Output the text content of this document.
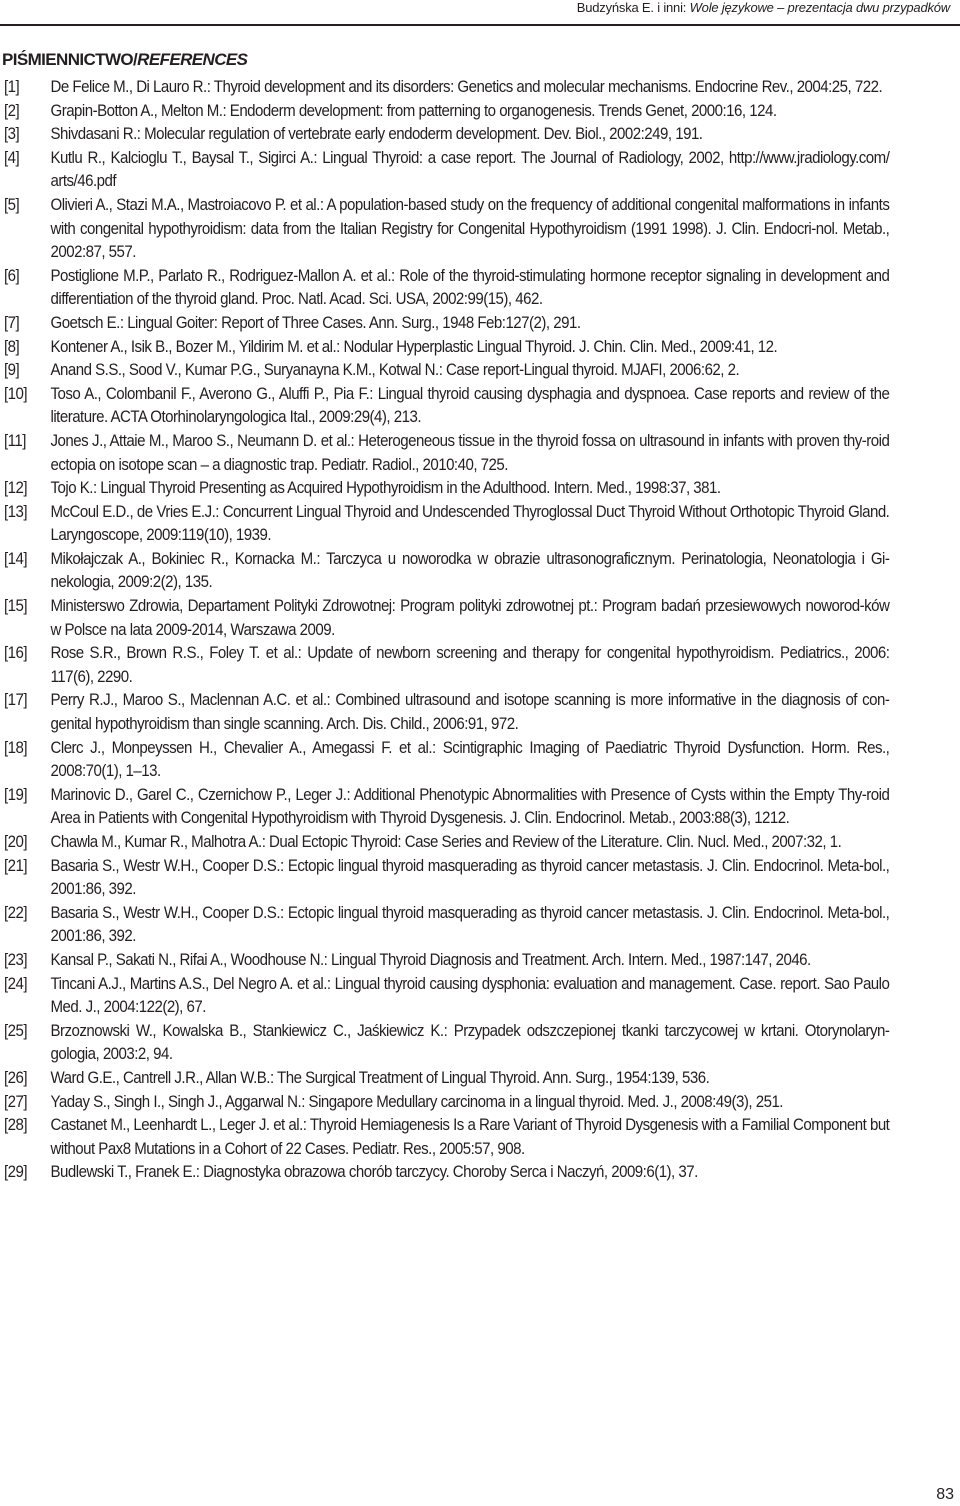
Budzyńska E. i inni: Wole językowe – prezentacja dwu przypadków
PIŚMIENNICTWO/REFERENCES
[1]	De Felice M., Di Lauro R.: Thyroid development and its disorders: Genetics and molecular mechanisms. Endocrine Rev., 2004:25, 722.
[2]	Grapin-Botton A., Melton M.: Endoderm development: from patterning to organogenesis. Trends Genet, 2000:16, 124.
[3]	Shivdasani R.: Molecular regulation of vertebrate early endoderm development. Dev. Biol., 2002:249, 191.
[4]	Kutlu R., Kalcioglu T., Baysal T., Sigirci A.: Lingual Thyroid: a case report. The Journal of Radiology, 2002, http://www.jradiology.com/ arts/46.pdf
[5]	Olivieri A., Stazi M.A., Mastroiacovo P. et al.: A population-based study on the frequency of additional congenital malformations in infants with congenital hypothyroidism: data from the Italian Registry for Congenital Hypothyroidism (1991 1998). J. Clin. Endocri-nol. Metab., 2002:87, 557.
[6]	Postiglione M.P., Parlato R., Rodriguez-Mallon A. et al.: Role of the thyroid-stimulating hormone receptor signaling in development and differentiation of the thyroid gland. Proc. Natl. Acad. Sci. USA, 2002:99(15), 462.
[7]	Goetsch E.: Lingual Goiter: Report of Three Cases. Ann. Surg., 1948 Feb:127(2), 291.
[8]	Kontener A., Isik B., Bozer M., Yildirim M. et al.: Nodular Hyperplastic Lingual Thyroid. J. Chin. Clin. Med., 2009:41, 12.
[9]	Anand S.S., Sood V., Kumar P.G., Suryanayna K.M., Kotwal N.: Case report-Lingual thyroid. MJAFI, 2006:62, 2.
[10]	Toso A., Colombanil F., Averono G., Aluffi P., Pia F.: Lingual thyroid causing dysphagia and dyspnoea. Case reports and review of the literature. ACTA Otorhinolaryngologica Ital., 2009:29(4), 213.
[11]	Jones J., Attaie M., Maroo S., Neumann D. et al.: Heterogeneous tissue in the thyroid fossa on ultrasound in infants with proven thy-roid ectopia on isotope scan – a diagnostic trap. Pediatr. Radiol., 2010:40, 725.
[12]	Tojo K.: Lingual Thyroid Presenting as Acquired Hypothyroidism in the Adulthood. Intern. Med., 1998:37, 381.
[13]	McCoul E.D., de Vries E.J.: Concurrent Lingual Thyroid and Undescended Thyroglossal Duct Thyroid Without Orthotopic Thyroid Gland. Laryngoscope, 2009:119(10), 1939.
[14]	Mikołajczak A., Bokiniec R., Kornacka M.: Tarczyca u noworodka w obrazie ultrasonograficznym. Perinatologia, Neonatologia i Gi-nekologia, 2009:2(2), 135.
[15]	Ministerswo Zdrowia, Departament Polityki Zdrowotnej: Program polityki zdrowotnej pt.: Program badań przesiewowych noworod-ków w Polsce na lata 2009-2014, Warszawa 2009.
[16]	Rose S.R., Brown R.S., Foley T. et al.: Update of newborn screening and therapy for congenital hypothyroidism. Pediatrics., 2006: 117(6), 2290.
[17]	Perry R.J., Maroo S., Maclennan A.C. et al.: Combined ultrasound and isotope scanning is more informative in the diagnosis of con-genital hypothyroidism than single scanning. Arch. Dis. Child., 2006:91, 972.
[18]	Clerc J., Monpeyssen H., Chevalier A., Amegassi F. et al.: Scintigraphic Imaging of Paediatric Thyroid Dysfunction. Horm. Res., 2008:70(1), 1–13.
[19]	Marinovic D., Garel C., Czernichow P., Leger J.: Additional Phenotypic Abnormalities with Presence of Cysts within the Empty Thy-roid Area in Patients with Congenital Hypothyroidism with Thyroid Dysgenesis. J. Clin. Endocrinol. Metab., 2003:88(3), 1212.
[20]	Chawla M., Kumar R., Malhotra A.: Dual Ectopic Thyroid: Case Series and Review of the Literature. Clin. Nucl. Med., 2007:32, 1.
[21]	Basaria S., Westr W.H., Cooper D.S.: Ectopic lingual thyroid masquerading as thyroid cancer metastasis. J. Clin. Endocrinol. Meta-bol., 2001:86, 392.
[22]	Basaria S., Westr W.H., Cooper D.S.: Ectopic lingual thyroid masquerading as thyroid cancer metastasis. J. Clin. Endocrinol. Meta-bol., 2001:86, 392.
[23]	Kansal P., Sakati N., Rifai A., Woodhouse N.: Lingual Thyroid Diagnosis and Treatment. Arch. Intern. Med., 1987:147, 2046.
[24]	Tincani A.J., Martins A.S., Del Negro A. et al.: Lingual thyroid causing dysphonia: evaluation and management. Case. report. Sao Paulo Med. J., 2004:122(2), 67.
[25]	Brzoznowski W., Kowalska B., Stankiewicz C., Jaśkiewicz K.: Przypadek odszczepionej tkanki tarczycowej w krtani. Otorynolaryn-gologia, 2003:2, 94.
[26]	Ward G.E., Cantrell J.R., Allan W.B.: The Surgical Treatment of Lingual Thyroid. Ann. Surg., 1954:139, 536.
[27]	Yaday S., Singh I., Singh J., Aggarwal N.: Singapore Medullary carcinoma in a lingual thyroid. Med. J., 2008:49(3), 251.
[28]	Castanet M., Leenhardt L., Leger J. et al.: Thyroid Hemiagenesis Is a Rare Variant of Thyroid Dysgenesis with a Familial Component but without Pax8 Mutations in a Cohort of 22 Cases. Pediatr. Res., 2005:57, 908.
[29]	Budlewski T., Franek E.: Diagnostyka obrazowa chorób tarczycy. Choroby Serca i Naczyń, 2009:6(1), 37.
83
